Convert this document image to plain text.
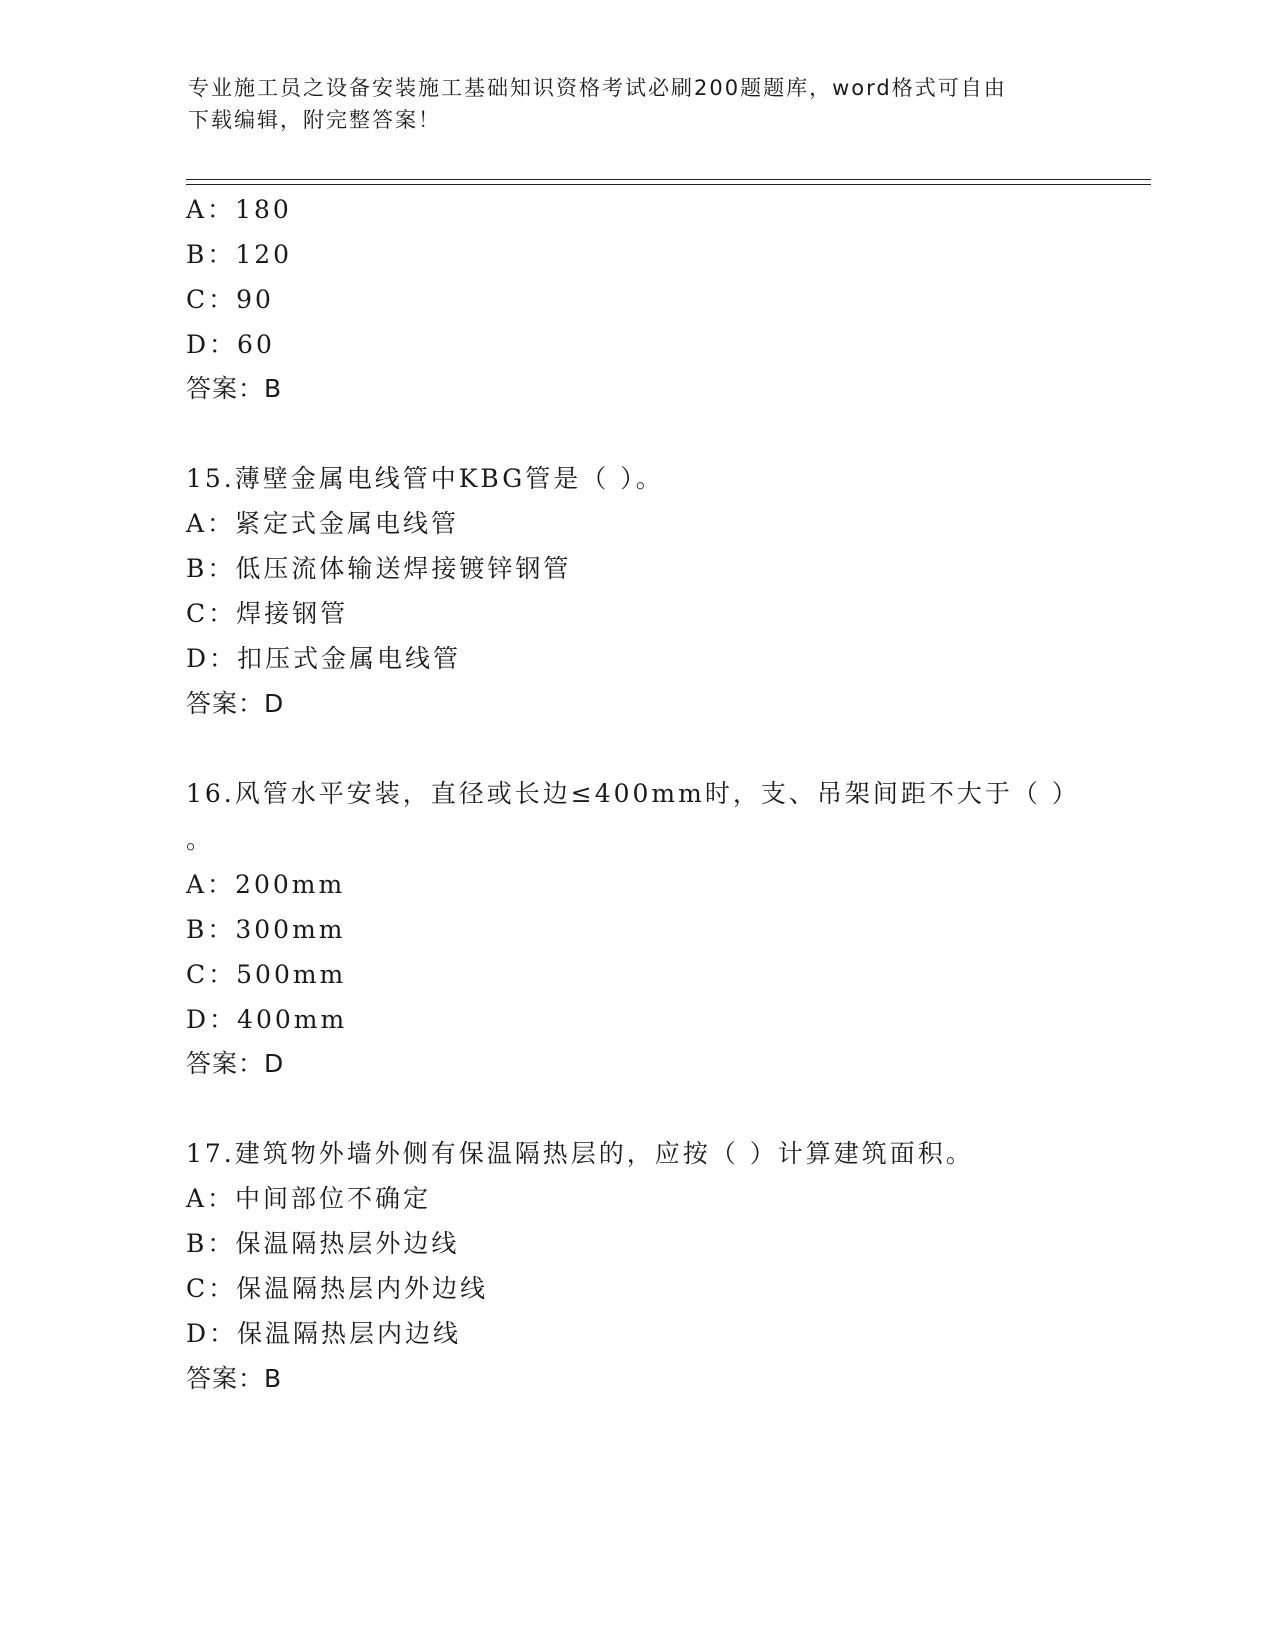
专业施工员之设备安装施工基础知识资格考试必刷200题题库，word格式可自由
下载编辑，附完整答案！
A：180
B：120
C：90
D：60
答案：B
15.薄壁金属电线管中KBG管是（ ）。
A：紧定式金属电线管
B：低压流体输送焊接镀锌钢管
C：焊接钢管
D：扣压式金属电线管
答案：D
16.风管水平安装，直径或长边≤400mm时，支、吊架间距不大于（ ）
。
A：200mm
B：300mm
C：500mm
D：400mm
答案：D
17.建筑物外墙外侧有保温隔热层的，应按（ ）计算建筑面积。
A：中间部位不确定
B：保温隔热层外边线
C：保温隔热层内外边线
D：保温隔热层内边线
答案：B
